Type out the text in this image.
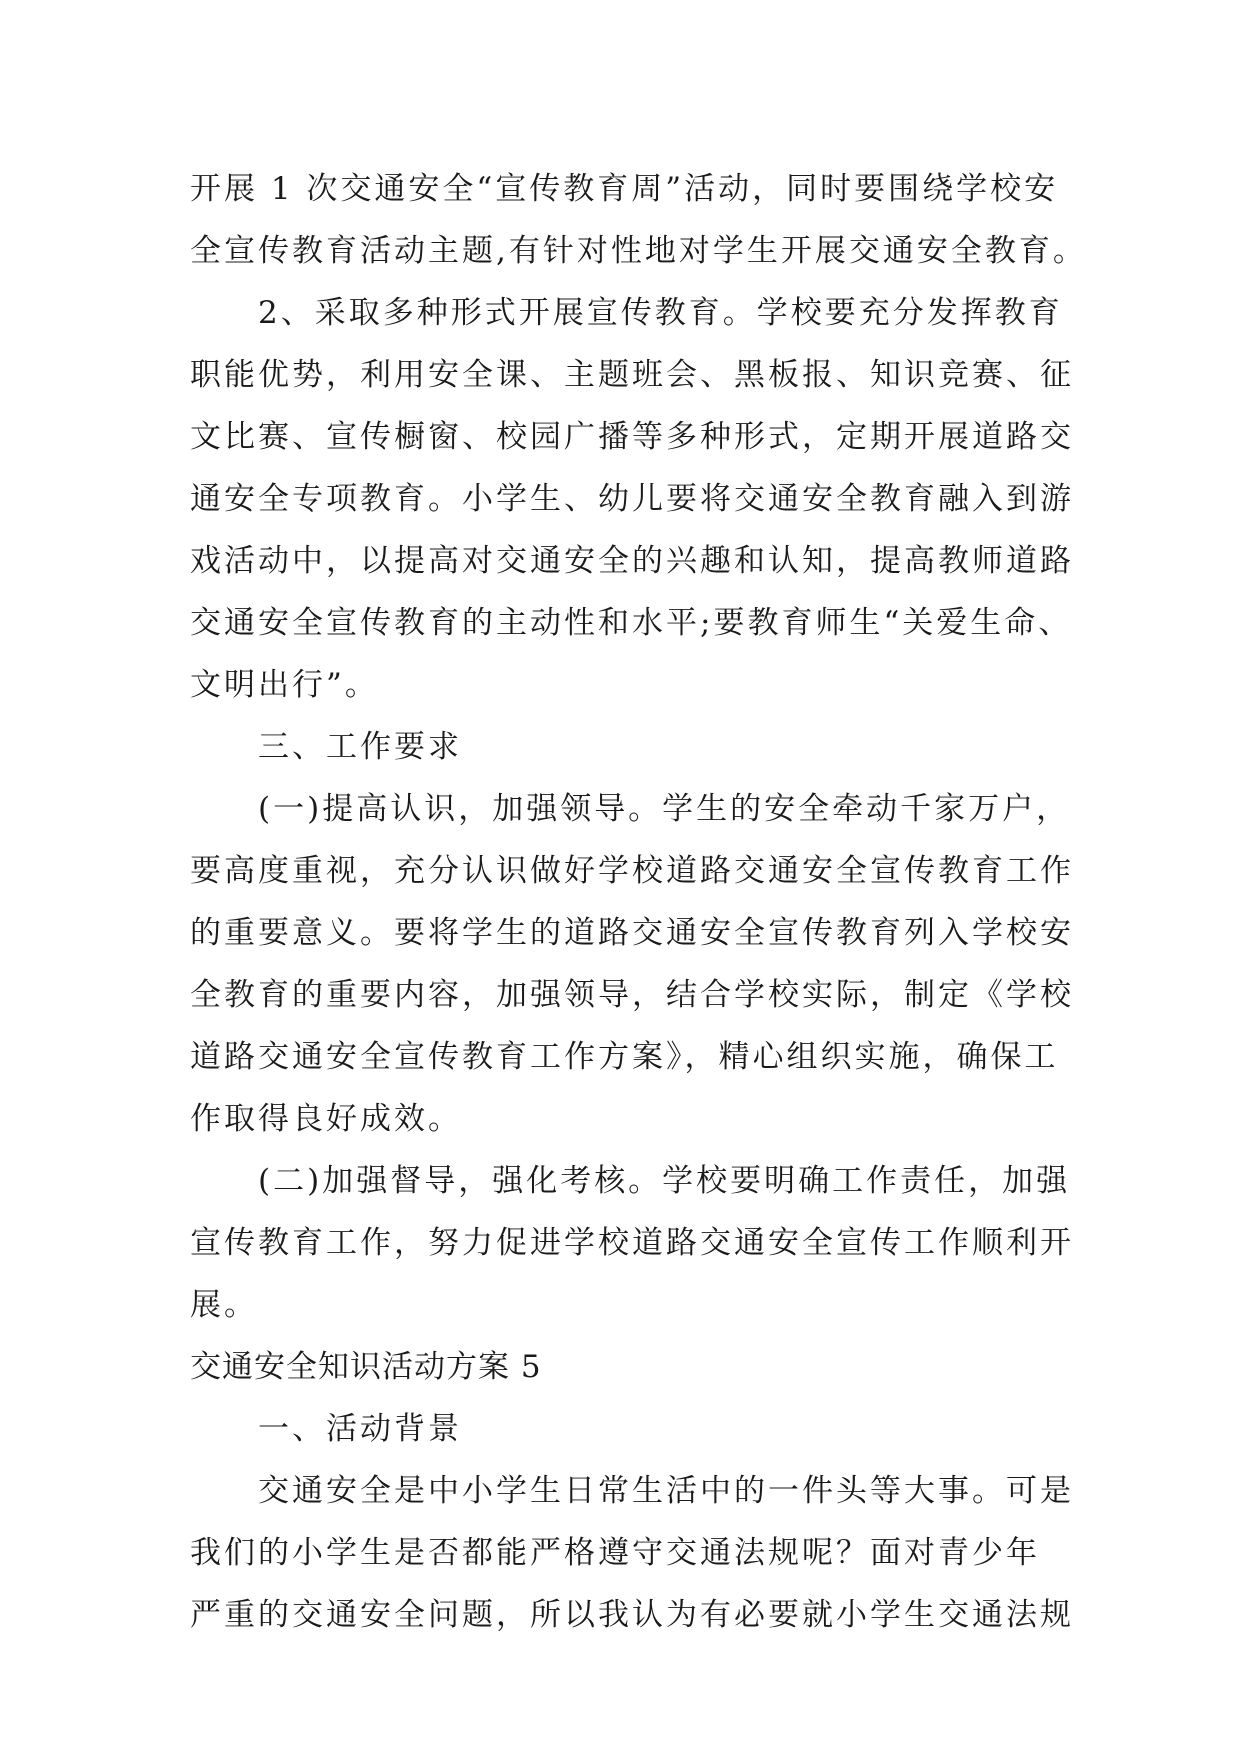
开展 1 次交通安全“宣传教育周”活动，同时要围绕学校安
全宣传教育活动主题,有针对性地对学生开展交通安全教育。
2、采取多种形式开展宣传教育。学校要充分发挥教育
职能优势，利用安全课、主题班会、黑板报、知识竞赛、征
文比赛、宣传橱窗、校园广播等多种形式，定期开展道路交
通安全专项教育。小学生、幼儿要将交通安全教育融入到游
戏活动中，以提高对交通安全的兴趣和认知，提高教师道路
交通安全宣传教育的主动性和水平;要教育师生“关爱生命、
文明出行”。
三、工作要求
(一)提高认识，加强领导。学生的安全牵动千家万户，
要高度重视，充分认识做好学校道路交通安全宣传教育工作
的重要意义。要将学生的道路交通安全宣传教育列入学校安
全教育的重要内容，加强领导，结合学校实际，制定《学校
道路交通安全宣传教育工作方案》，精心组织实施，确保工
作取得良好成效。
(二)加强督导，强化考核。学校要明确工作责任，加强
宣传教育工作，努力促进学校道路交通安全宣传工作顺利开
展。
交通安全知识活动方案 5
一、活动背景
交通安全是中小学生日常生活中的一件头等大事。可是
我们的小学生是否都能严格遵守交通法规呢？面对青少年
严重的交通安全问题，所以我认为有必要就小学生交通法规
